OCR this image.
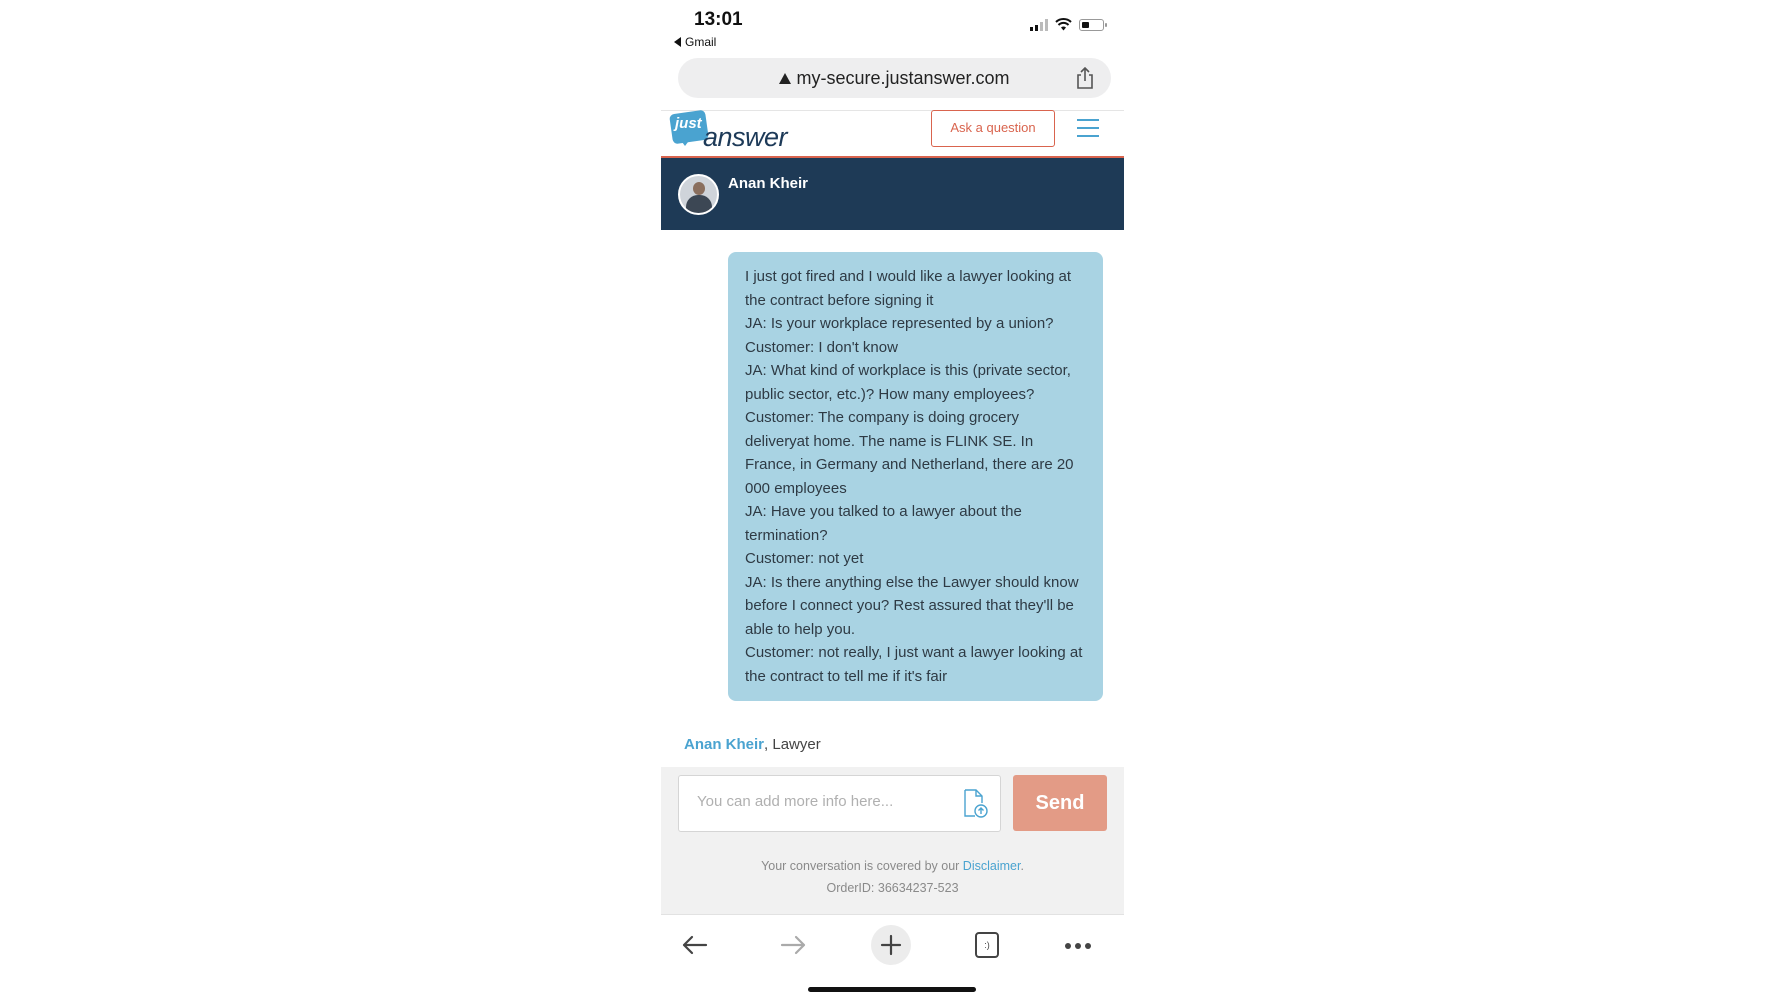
13:01
Gmail
my-secure.justanswer.com
just answer	Ask a question
Anan Kheir
I just got fired and I would like a lawyer looking at the contract before signing it
JA: Is your workplace represented by a union?
Customer: I don't know
JA: What kind of workplace is this (private sector, public sector, etc.)? How many employees?
Customer: The company is doing grocery deliveryat home. The name is FLINK SE. In France, in Germany and Netherland, there are 20 000 employees
JA: Have you talked to a lawyer about the termination?
Customer: not yet
JA: Is there anything else the Lawyer should know before I connect you? Rest assured that they'll be able to help you.
Customer: not really, I just want a lawyer looking at the contract to tell me if it's fair
Anan Kheir, Lawyer
You can add more info here...
Send
Your conversation is covered by our Disclaimer.
OrderID: 36634237-523
:)
